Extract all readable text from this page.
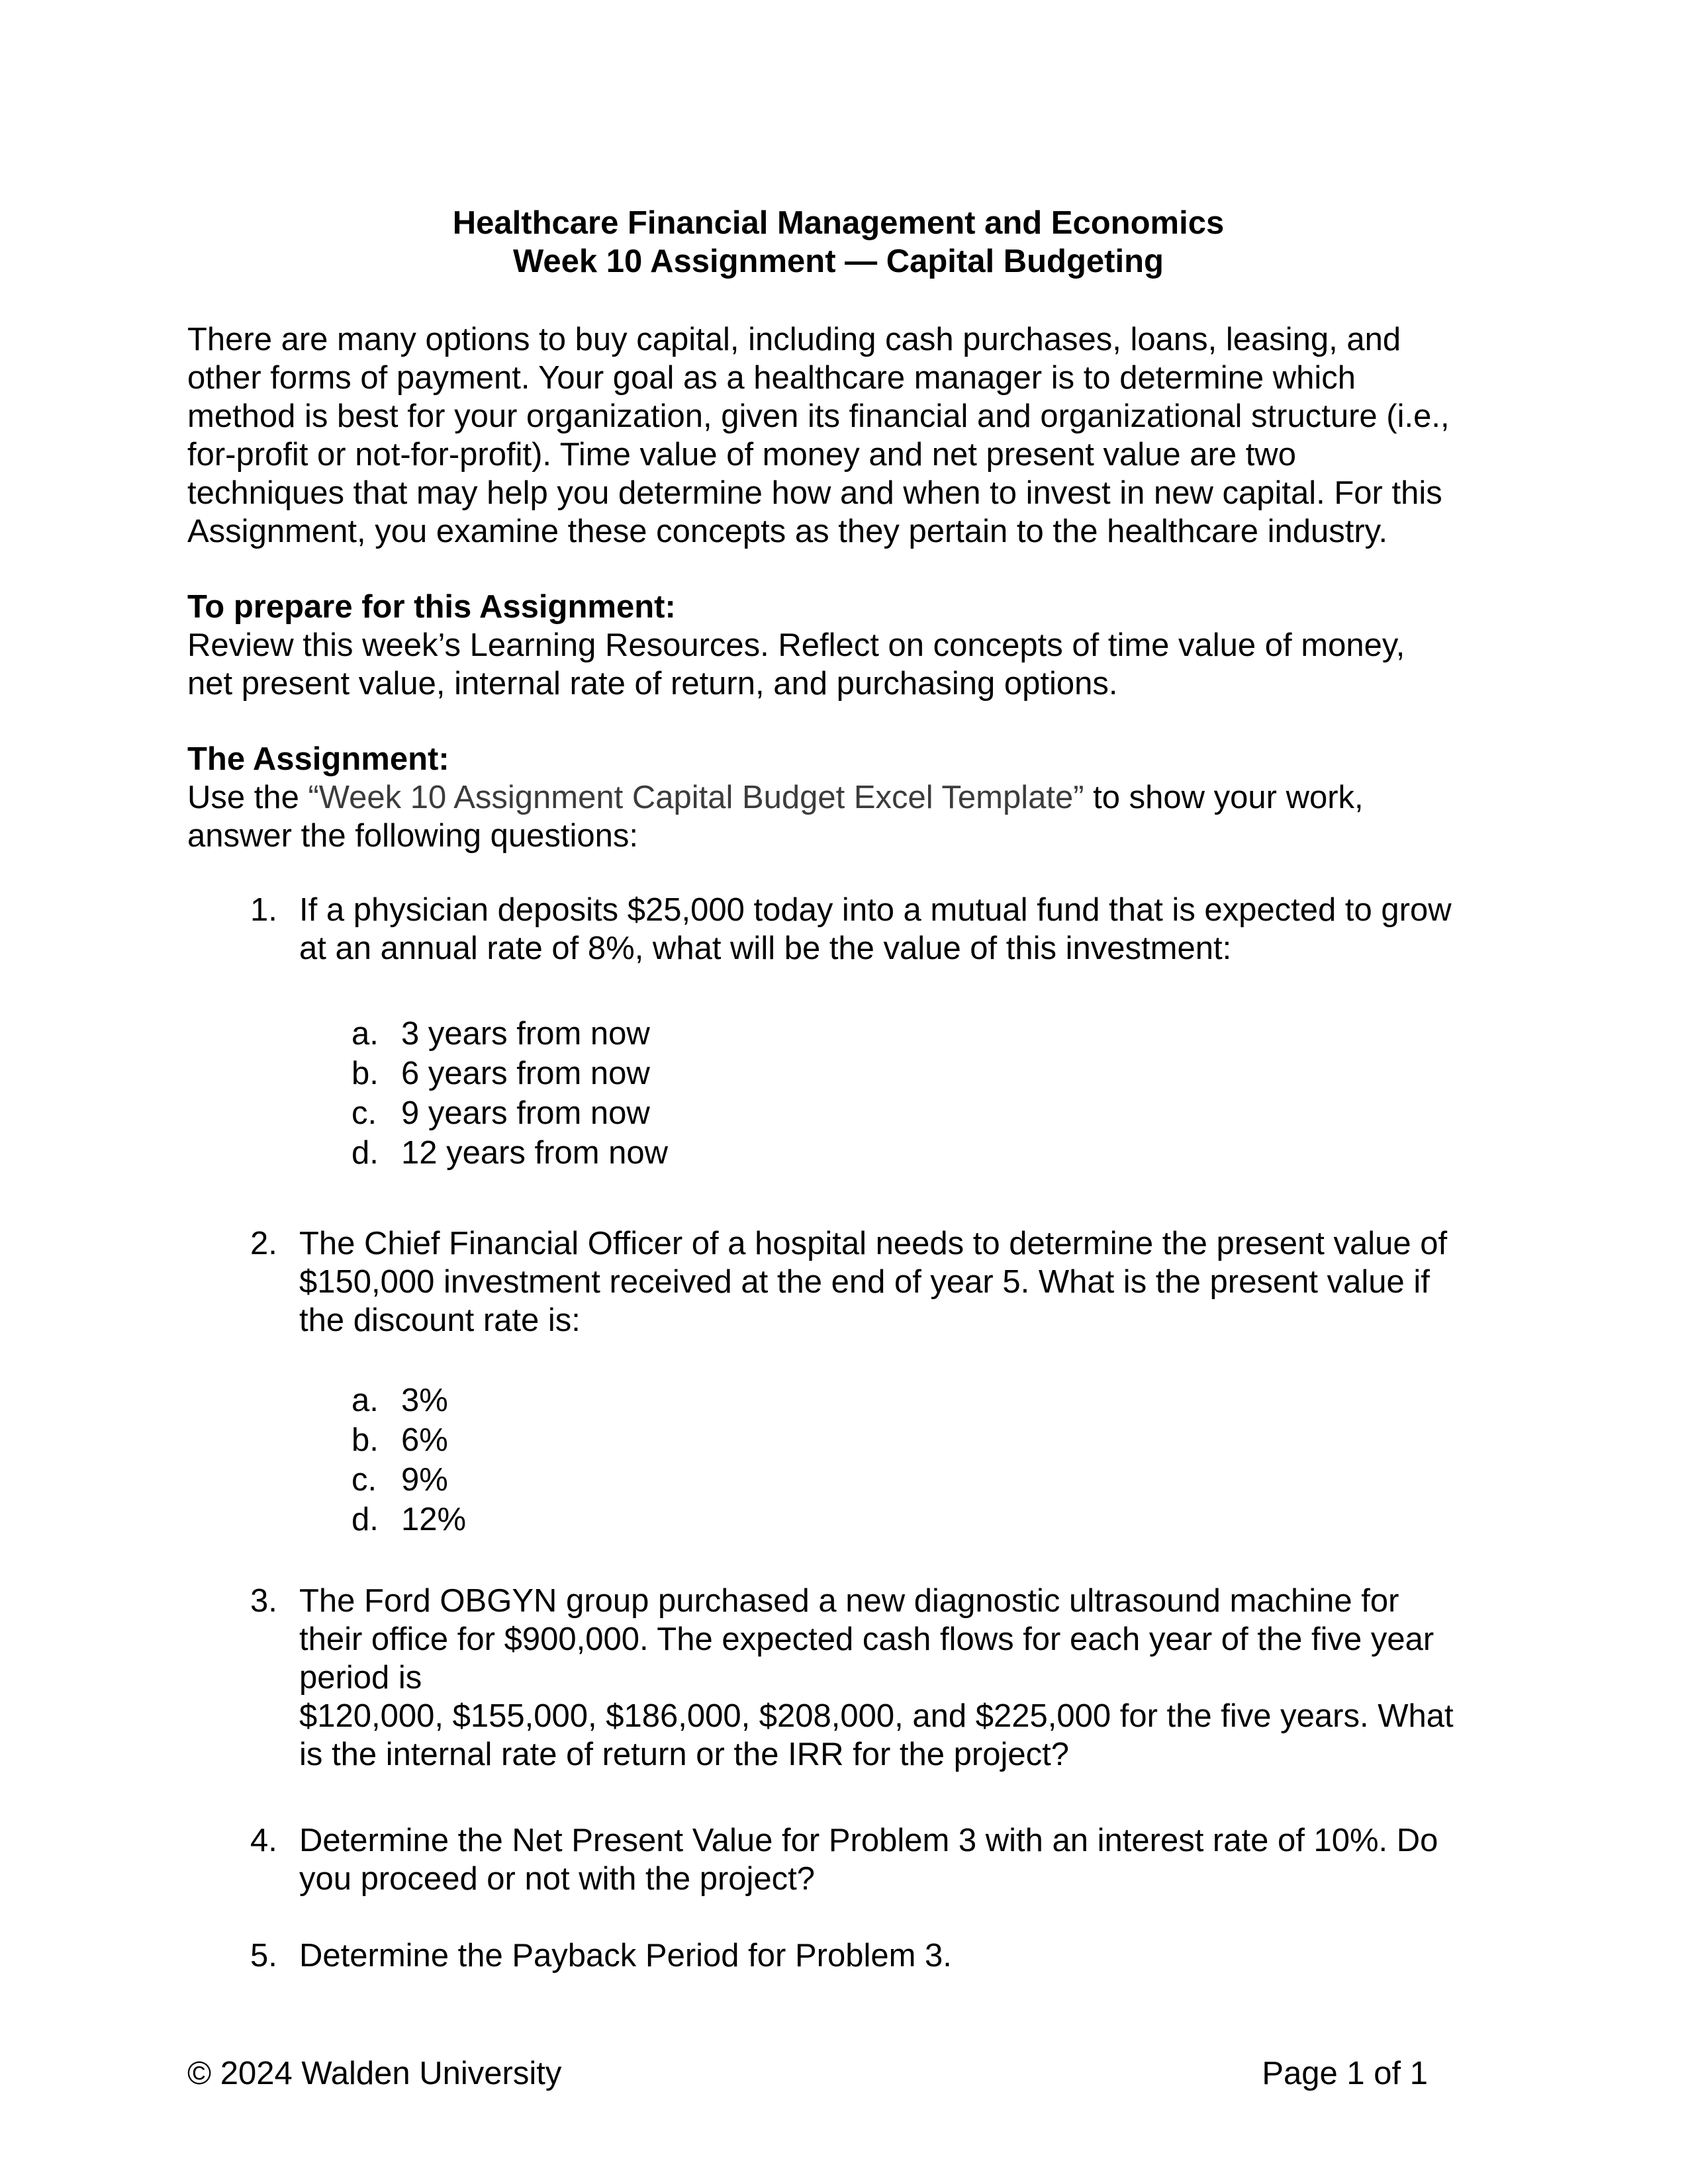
Healthcare Financial Management and Economics
Week 10 Assignment — Capital Budgeting
There are many options to buy capital, including cash purchases, loans, leasing, and
other forms of payment. Your goal as a healthcare manager is to determine which
method is best for your organization, given its financial and organizational structure (i.e.,
for-profit or not-for-profit). Time value of money and net present value are two
techniques that may help you determine how and when to invest in new capital. For this
Assignment, you examine these concepts as they pertain to the healthcare industry.
To prepare for this Assignment:
Review this week’s Learning Resources. Reflect on concepts of time value of money,
net present value, internal rate of return, and purchasing options.
The Assignment:
Use the “Week 10 Assignment Capital Budget Excel Template” to show your work,
answer the following questions:
1. If a physician deposits $25,000 today into a mutual fund that is expected to grow
at an annual rate of 8%, what will be the value of this investment:
a. 3 years from now
b. 6 years from now
c. 9 years from now
d. 12 years from now
2. The Chief Financial Officer of a hospital needs to determine the present value of
$150,000 investment received at the end of year 5. What is the present value if
the discount rate is:
a. 3%
b. 6%
c. 9%
d. 12%
3. The Ford OBGYN group purchased a new diagnostic ultrasound machine for
their office for $900,000. The expected cash flows for each year of the five year
period is
$120,000, $155,000, $186,000, $208,000, and $225,000 for the five years. What
is the internal rate of return or the IRR for the project?
4. Determine the Net Present Value for Problem 3 with an interest rate of 10%. Do
you proceed or not with the project?
5. Determine the Payback Period for Problem 3.
© 2024 Walden University	Page 1 of 1
